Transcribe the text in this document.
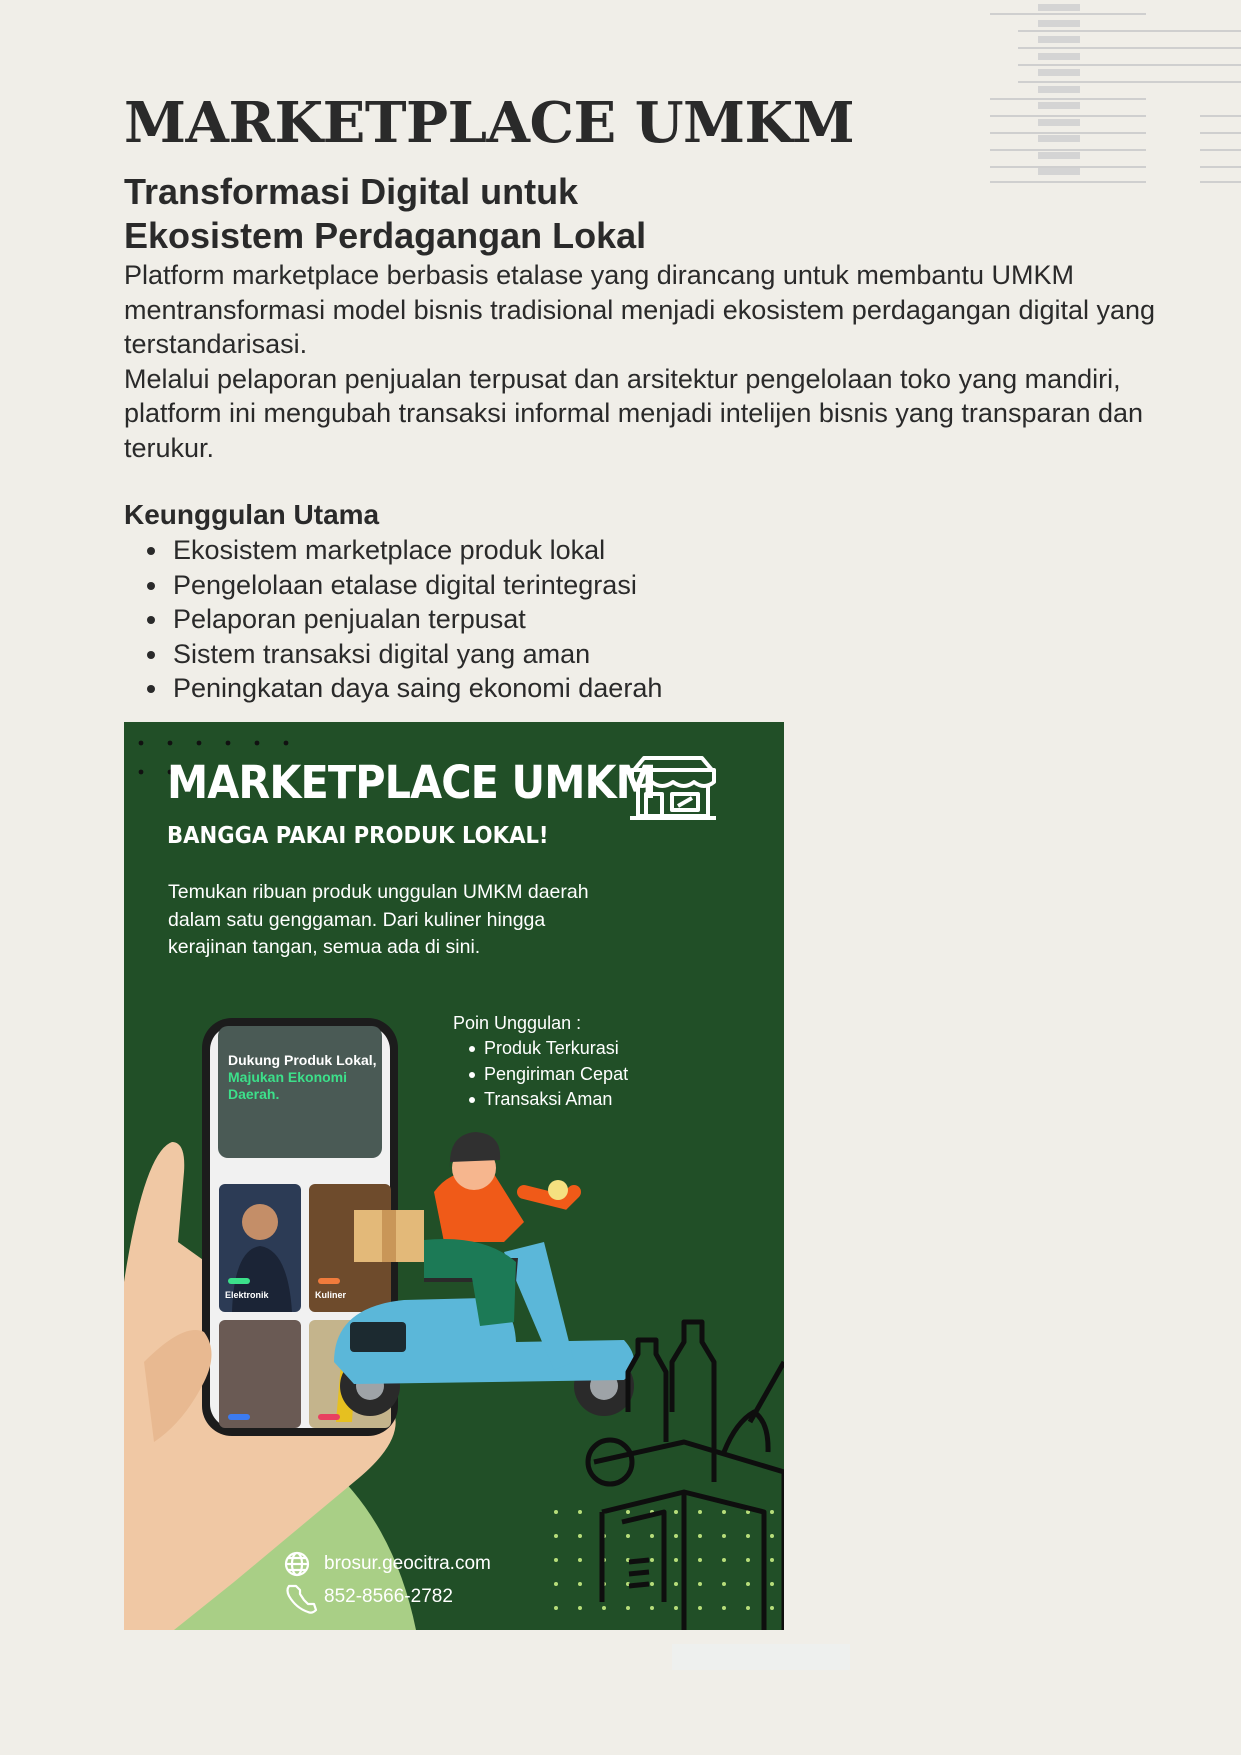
MARKETPLACE UMKM
Transformasi Digital untuk
Ekosistem Perdagangan Lokal

Platform marketplace berbasis etalase yang dirancang untuk membantu UMKM mentransformasi model bisnis tradisional menjadi ekosistem perdagangan digital yang terstandarisasi.

Melalui pelaporan penjualan terpusat dan arsitektur pengelolaan toko yang mandiri, platform ini mengubah transaksi informal menjadi intelijen bisnis yang transparan dan terukur.

Keunggulan Utama
Ekosistem marketplace produk lokal
Pengelolaan etalase digital terintegrasi
Pelaporan penjualan terpusat
Sistem transaksi digital yang aman
Peningkatan daya saing ekonomi daerah

MARKETPLACE UMKM

BANGGA PAKAI PRODUK LOKAL!

Temukan ribuan produk unggulan UMKM daerah dalam satu genggaman. Dari kuliner hingga kerajinan tangan, semua ada di sini.

Poin Unggulan :

Produk Terkurasi
Pengiriman Cepat
Transaksi Aman

Dukung Produk Lokal,

Majukan Ekonomi Daerah.

Elektronik	Kuliner

brosur.geocitra.com

852-8566-2782
